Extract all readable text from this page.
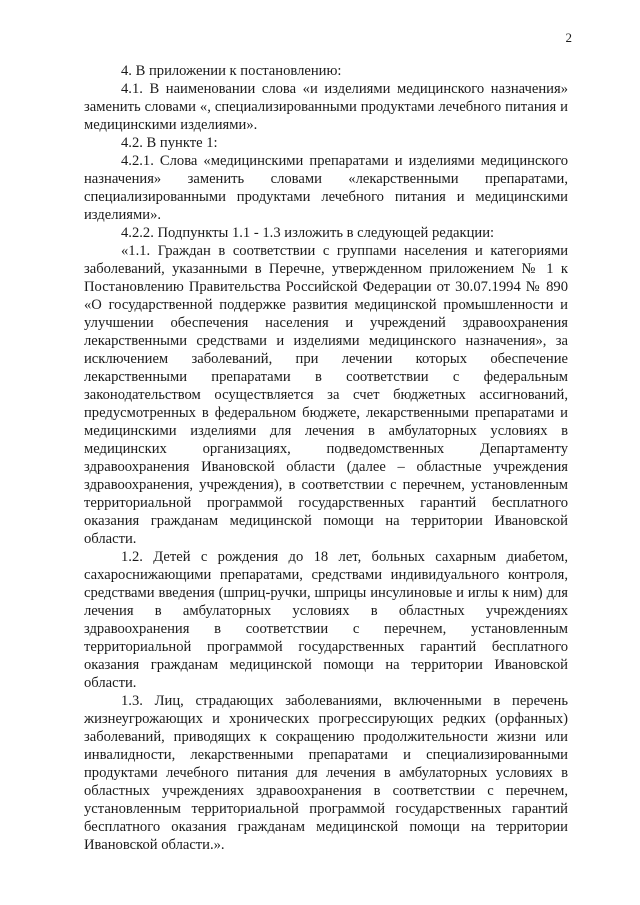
2

4. В приложении к постановлению:

4.1. В наименовании слова «и изделиями медицинского назначения» заменить словами «, специализированными продуктами лечебного питания и медицинскими изделиями».

4.2. В пункте 1:

4.2.1. Слова «медицинскими препаратами и изделиями медицинского назначения» заменить словами «лекарственными препаратами, специализированными продуктами лечебного питания и медицинскими изделиями».

4.2.2. Подпункты 1.1 - 1.3 изложить в следующей редакции:

«1.1. Граждан в соответствии с группами населения и категориями заболеваний, указанными в Перечне, утвержденном приложением № 1 к Постановлению Правительства Российской Федерации от 30.07.1994 № 890 «О государственной поддержке развития медицинской промышленности и улучшении обеспечения населения и учреждений здравоохранения лекарственными средствами и изделиями медицинского назначения», за исключением заболеваний, при лечении которых обеспечение лекарственными препаратами в соответствии с федеральным законодательством осуществляется за счет бюджетных ассигнований, предусмотренных в федеральном бюджете, лекарственными препаратами и медицинскими изделиями для лечения в амбулаторных условиях в медицинских организациях, подведомственных Департаменту здравоохранения Ивановской области (далее – областные учреждения здравоохранения, учреждения), в соответствии с перечнем, установленным территориальной программой государственных гарантий бесплатного оказания гражданам медицинской помощи на территории Ивановской области.

1.2. Детей с рождения до 18 лет, больных сахарным диабетом, сахароснижающими препаратами, средствами индивидуального контроля, средствами введения (шприц-ручки, шприцы инсулиновые и иглы к ним) для лечения в амбулаторных условиях в областных учреждениях здравоохранения в соответствии с перечнем, установленным территориальной программой государственных гарантий бесплатного оказания гражданам медицинской помощи на территории Ивановской области.

1.3. Лиц, страдающих заболеваниями, включенными в перечень жизнеугрожающих и хронических прогрессирующих редких (орфанных) заболеваний, приводящих к сокращению продолжительности жизни или инвалидности, лекарственными препаратами и специализированными продуктами лечебного питания для лечения в амбулаторных условиях в областных учреждениях здравоохранения в соответствии с перечнем, установленным территориальной программой государственных гарантий бесплатного оказания гражданам медицинской помощи на территории Ивановской области.».
